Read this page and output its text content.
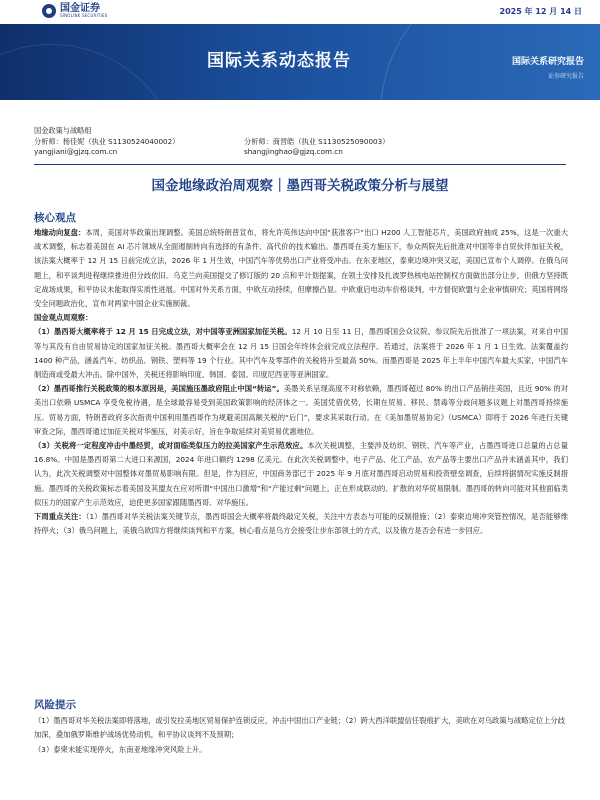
国金证券
SINOLINK SECURITIES	2025 年 12 月 14 日
国际关系动态报告	国际关系研究报告
证券研究报告
国金政策与战略组
分析师：杨佳妮（执业 S1130524040002）	分析师：商晋皓（执业 S1130525090003）
yangjiani@gjzq.com.cn	shangjinghao@gjzq.com.cn
国金地缘政治周观察｜墨西哥关税政策分析与展望
核心观点

地缘动向复盘：本周，美国对华政策出现调整。美国总统特朗普宣布，将允许英伟达向中国“获准客户”出口 H200 人工智能芯片，美国政府抽成 25%，这是一次重大战术调整，标志着美国在 AI 芯片领域从全面遏制转向有选择的有条件、高代价的技术输出。墨西哥在美方施压下，参众两院先后批准对中国等非自贸伙伴加征关税，该法案大概率于 12 月 15 日前完成立法，2026 年 1 月生效，中国汽车等优势出口产业将受冲击。在东亚地区，泰柬边境冲突又起，美国已宣布个人调停。在俄乌问题上，和平谈判进程继续推进但分歧依旧。乌克兰向美国提交了修订版的 20 点和平计划提案，在领土安排及扎波罗热核电站控制权方面做出部分让步，但俄方坚持既定战场成果，和平协议未能取得实质性进展。中国对外关系方面，中欧互动持续，但摩擦凸显。中欧重启电动车价格谈判，中方督促欧盟与企业审慎研究；英国将网络安全问题政治化，宣布对两家中国企业实施制裁。

国金观点周观察：

（1）墨西哥大概率将于 12 月 15 日完成立法，对中国等亚洲国家加征关税。12 月 10 日至 11 日，墨西哥国会众议院、参议院先后批准了一项法案，对来自中国等与其没有自由贸易协定的国家加征关税。墨西哥大概率会在 12 月 15 日国会年终休会前完成立法程序。若通过，法案将于 2026 年 1 月 1 日生效。法案覆盖约 1400 种产品，涵盖汽车、纺织品、钢铁、塑料等 19 个行业。其中汽车及零部件的关税将升至最高 50%。而墨西哥是 2025 年上半年中国汽车最大买家，中国汽车制造商或受最大冲击。除中国外，关税还将影响印度、韩国、泰国、印度尼西亚等亚洲国家。

（2）墨西哥推行关税政策的根本原因是，美国施压墨政府阻止中国“转运”。美墨关系呈现高度不对称依赖，墨西哥超过 80% 的出口产品销往美国，且近 90% 的对美出口依赖 USMCA 享受免税待遇，是全球最容易受到美国政策影响的经济体之一。美国凭借优势，长期在贸易、移民、禁毒等分歧问题多议题上对墨西哥持续施压。贸易方面，特朗普政府多次指责中国利用墨西哥作为规避美国高额关税的“后门”，要求其采取行动。在《美加墨贸易协定》（USMCA）即将于 2026 年进行关键审查之际，墨西哥通过加征关税对华施压，对美示好，旨在争取延续对美贸易优惠地位。

（3）关税将一定程度冲击中墨经贸，或对面临类似压力的拉美国家产生示范效应。本次关税调整，主要涉及纺织、钢铁、汽车等产业，占墨西哥进口总量的占总量 16.8%。中国是墨西哥第二大进口来源国，2024 年进口额约 1298 亿美元。在此次关税调整中，电子产品、化工产品、农产品等主要出口产品并未涵盖其中，我们认为，此次关税调整对中国整体对墨贸易影响有限。但是，作为回应，中国商务部已于 2025 年 9 月底对墨西哥启动贸易和投资壁垒调查，后续将据情况实施反制措施。墨西哥的关税政策标志着美国及其盟友在应对所谓“中国出口激增”和“产能过剩”问题上，正在形成联动的、扩散的对华贸易限制。墨西哥的转向可能对其他面临类似压力的国家产生示范效应，迫使更多国家跟随墨西哥、对华施压。

下周重点关注：（1）墨西哥对华关税法案关键节点，墨西哥国会大概率将最终敲定关税，关注中方表态与可能的反制措施；（2）泰柬边境冲突管控情况，是否能够维持停火；（3）俄乌问题上，美俄乌欧四方将继续谈判和平方案，核心看点是乌方会接受让步东部领土的方式，以及俄方是否会有进一步回应。

风险提示

（1）墨西哥对华关税法案即将落地，或引发拉美地区贸易保护连锁反应，冲击中国出口产业链；（2）跨大西洋联盟信任裂痕扩大，美欧在对乌政策与战略定位上分歧加深，叠加俄罗斯维护战场优势动机，和平协议谈判不及预期；

（3）泰柬未能实现停火，东南亚地缘冲突风险上升。
